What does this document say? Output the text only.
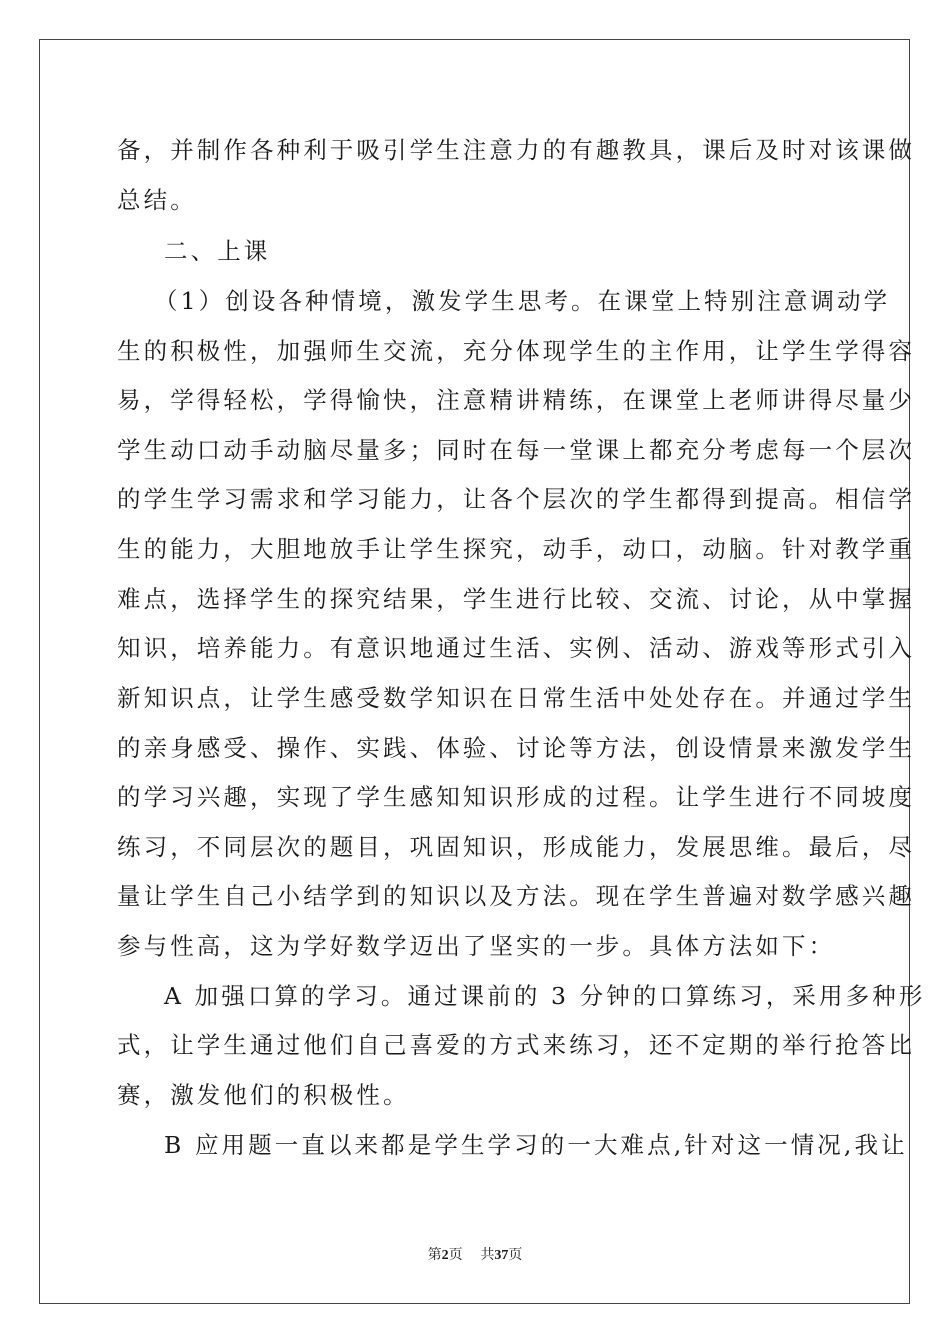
备，并制作各种利于吸引学生注意力的有趣教具，课后及时对该课做
总结。
二、上课
（1）创设各种情境，激发学生思考。在课堂上特别注意调动学
生的积极性，加强师生交流，充分体现学生的主作用，让学生学得容
易，学得轻松，学得愉快，注意精讲精练，在课堂上老师讲得尽量少
学生动口动手动脑尽量多；同时在每一堂课上都充分考虑每一个层次
的学生学习需求和学习能力，让各个层次的学生都得到提高。相信学
生的能力，大胆地放手让学生探究，动手，动口，动脑。针对教学重
难点，选择学生的探究结果，学生进行比较、交流、讨论，从中掌握
知识，培养能力。有意识地通过生活、实例、活动、游戏等形式引入
新知识点，让学生感受数学知识在日常生活中处处存在。并通过学生
的亲身感受、操作、实践、体验、讨论等方法，创设情景来激发学生
的学习兴趣，实现了学生感知知识形成的过程。让学生进行不同坡度
练习，不同层次的题目，巩固知识，形成能力，发展思维。最后，尽
量让学生自己小结学到的知识以及方法。现在学生普遍对数学感兴趣
参与性高，这为学好数学迈出了坚实的一步。具体方法如下：
A 加强口算的学习。通过课前的 3 分钟的口算练习，采用多种形
式，让学生通过他们自己喜爱的方式来练习，还不定期的举行抢答比
赛，激发他们的积极性。
B 应用题一直以来都是学生学习的一大难点,针对这一情况,我让
第2页 共37页
